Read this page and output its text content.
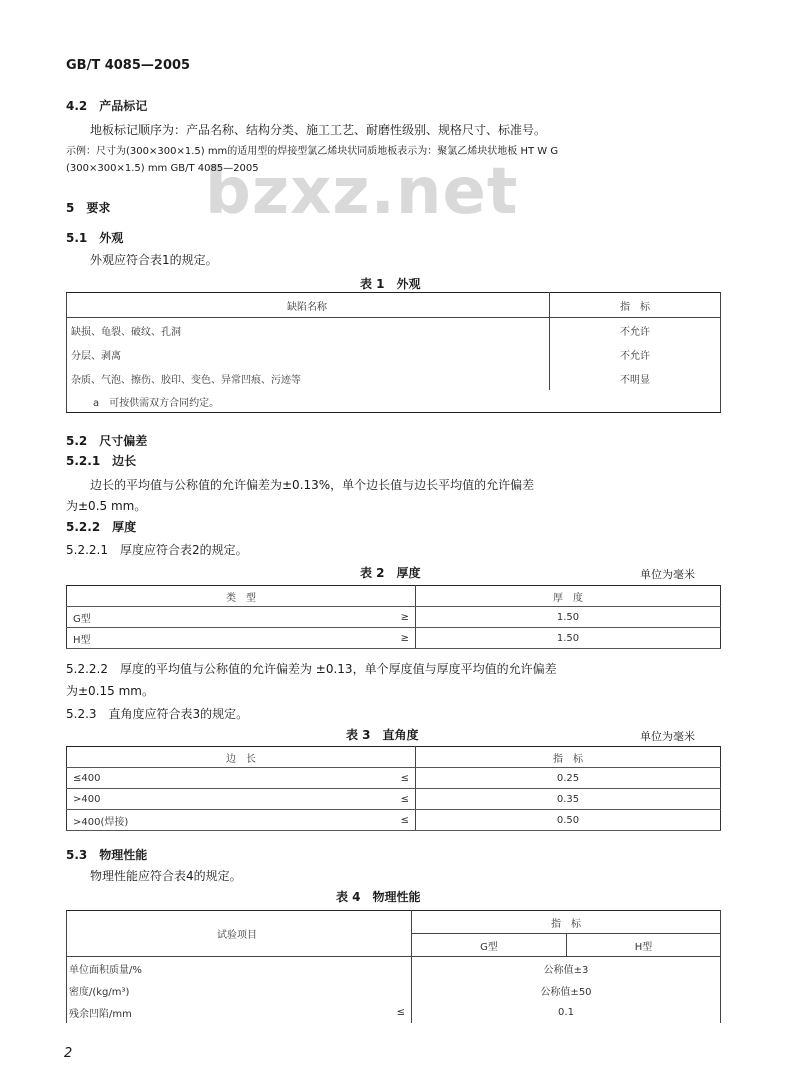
GB/T 4085—2005
bzxz.net
4.2　产品标记
地板标记顺序为：产品名称、结构分类、施工工艺、耐磨性级别、规格尺寸、标准号。
示例：尺寸为(300×300×1.5) mm的适用型的焊接型氯乙烯块状同质地板表示为：聚氯乙烯块状地板 HT W G
(300×300×1.5) mm GB/T 4085—2005
5　要求
5.1　外观
外观应符合表1的规定。
表 1　外观
缺陷名称	指　标
缺损、龟裂、破纹、孔洞	不允许
分层、剥离	不允许
杂质、气泡、擦伤、胶印、变色、异常凹痕、污迹等	不明显
a　可按供需双方合同约定。	
5.2　尺寸偏差
5.2.1　边长
边长的平均值与公称值的允许偏差为±0.13%，单个边长值与边长平均值的允许偏差
为±0.5 mm。
5.2.2　厚度
5.2.2.1　厚度应符合表2的规定。
表 2　厚度	单位为毫米
类　型		厚　度
G型	≥	1.50
H型	≥	1.50
5.2.2.2　厚度的平均值与公称值的允许偏差为 ±0.13，单个厚度值与厚度平均值的允许偏差
为±0.15 mm。
5.2.3　直角度应符合表3的规定。
表 3　直角度	单位为毫米
边　长		指　标
≤400	≤	0.25
>400	≤	0.35
>400(焊接)	≤	0.50
5.3　物理性能
物理性能应符合表4的规定。
表 4　物理性能
试验项目		指　标	
		G型	H型
单位面积质量/%		公称值±3	
密度/(kg/m³)		公称值±50	
残余凹陷/mm	≤	0.1	
2
